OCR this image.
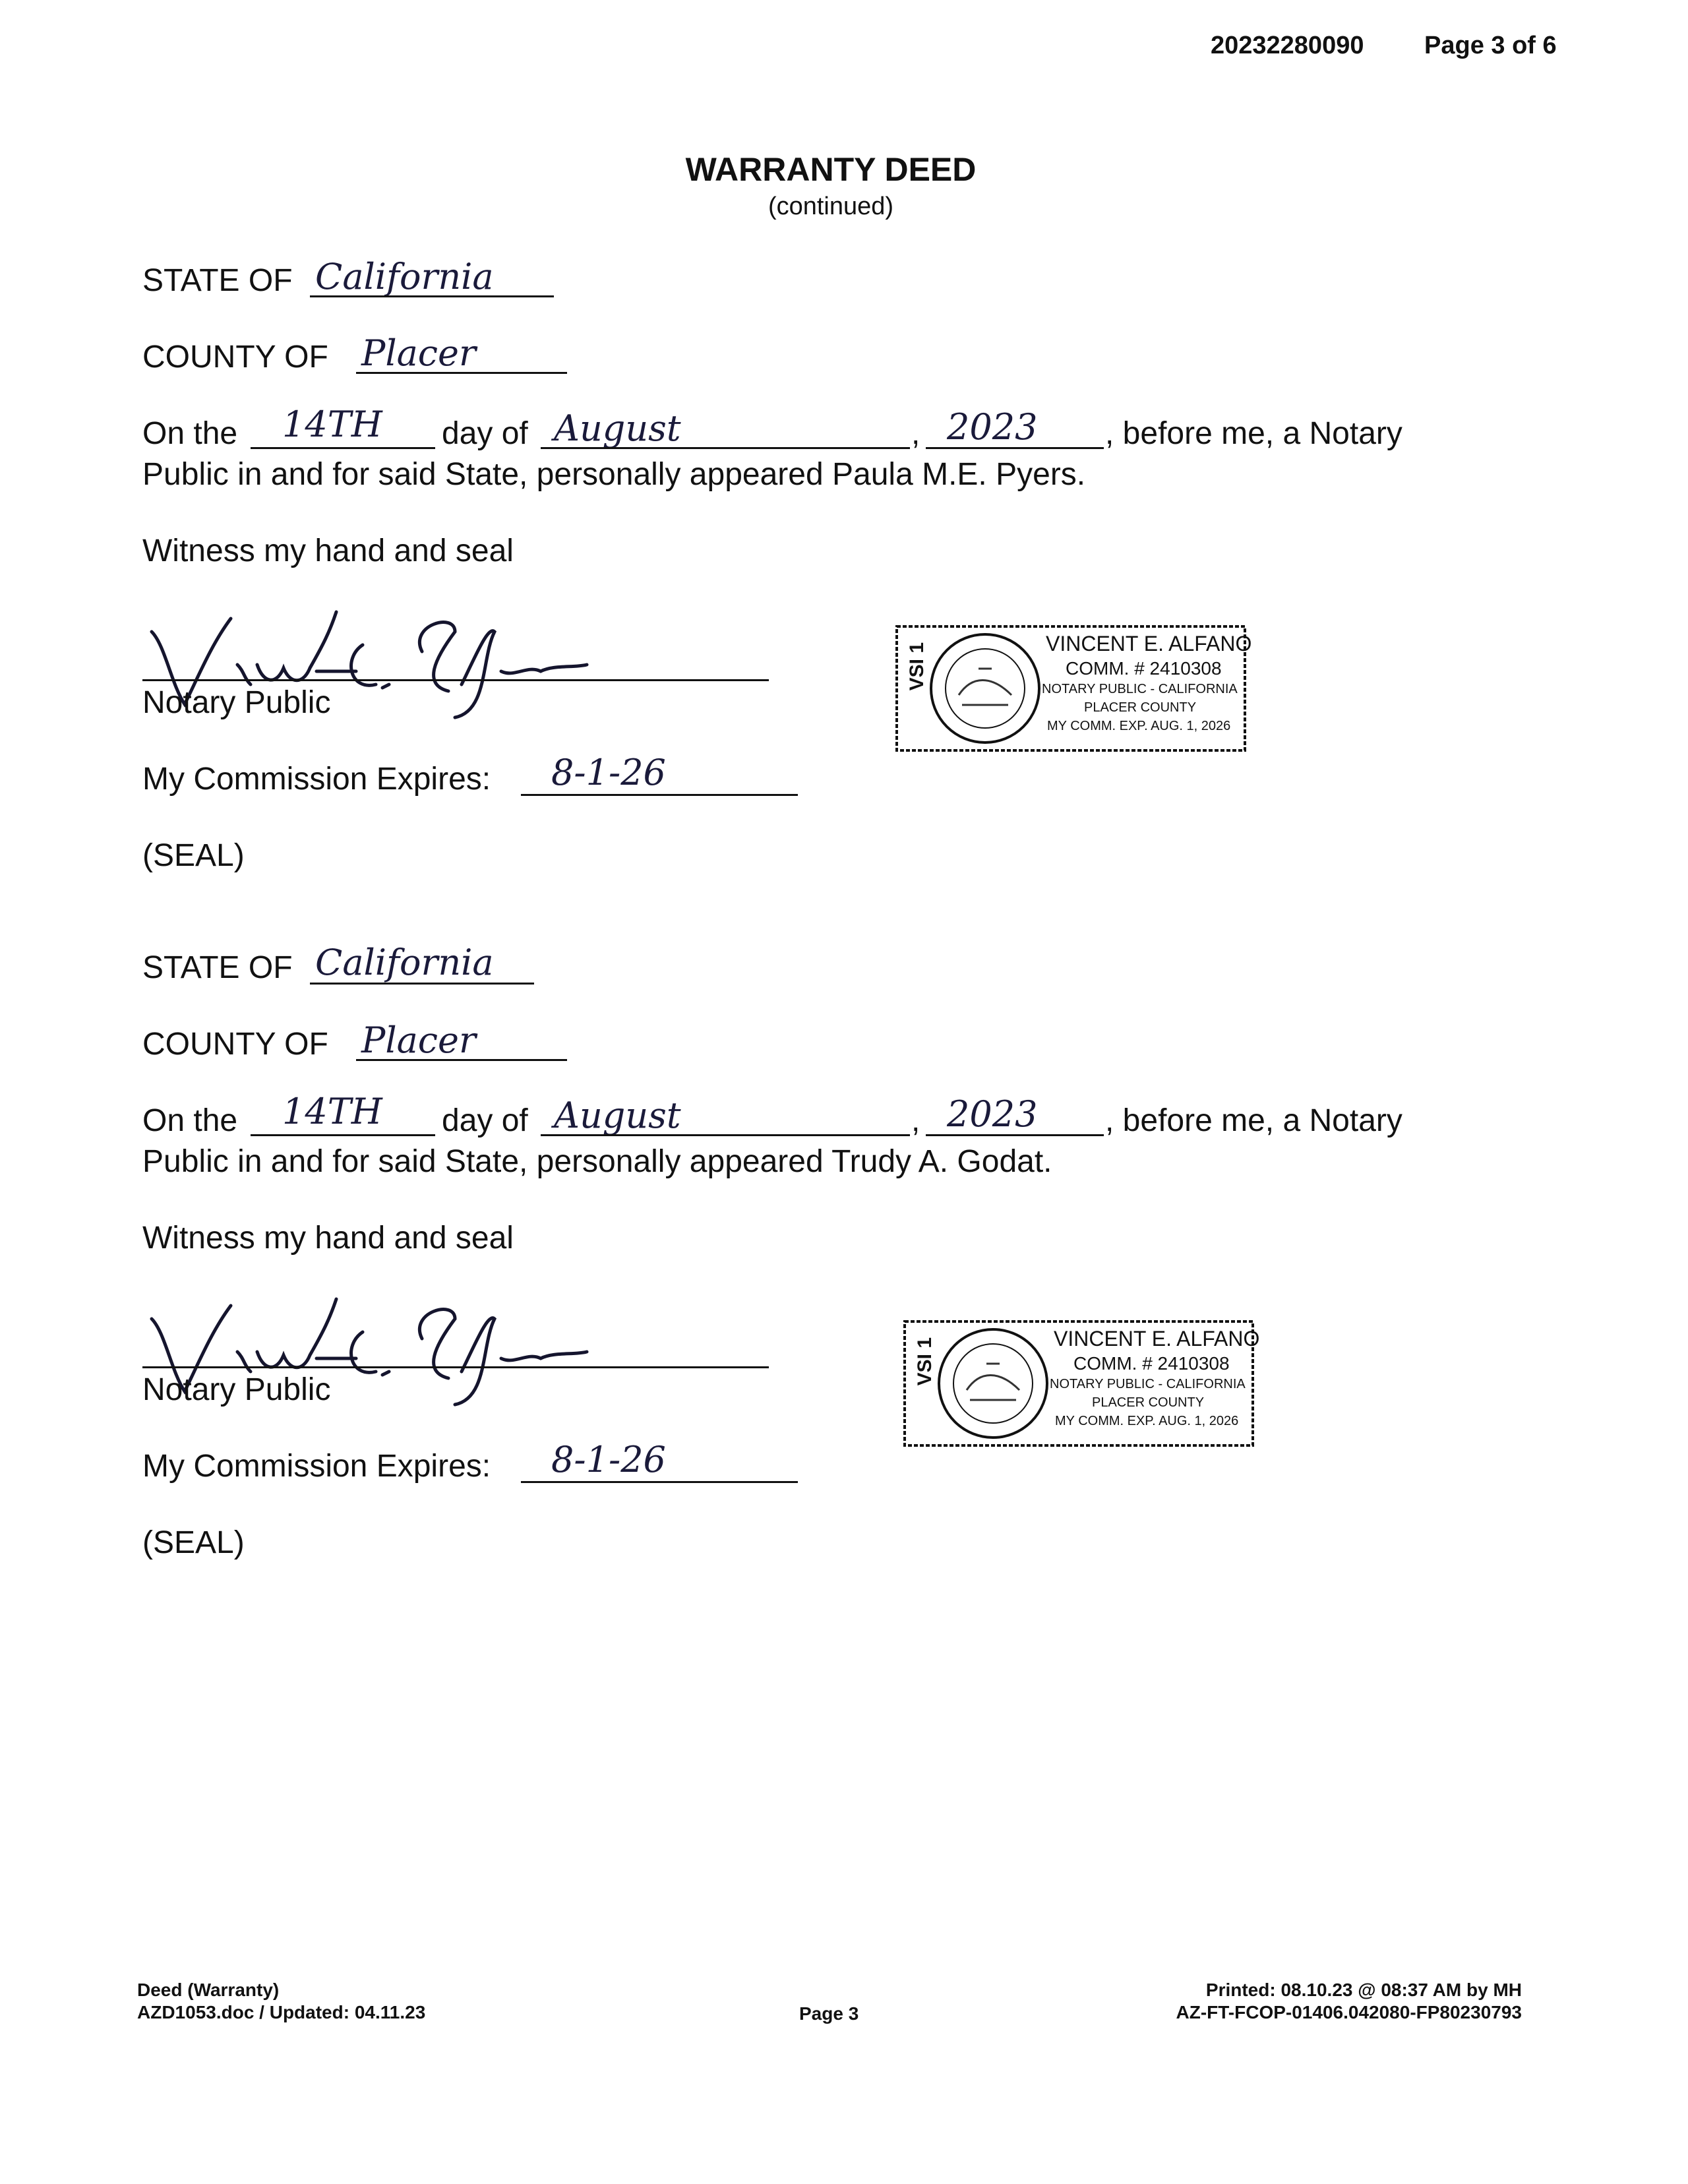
20232280090 Page 3 of 6
WARRANTY DEED
(continued)
STATE OF California
COUNTY OF Placer
On the 14TH day of August	, 2023 , before me, a Notary
Public in and for said State, personally appeared Paula M.E. Pyers.
Witness my hand and seal
Notary Public
My Commission Expires: 8-1-26
(SEAL)
VSI 1	VINCENT E. ALFANO
COMM. # 2410308
NOTARY PUBLIC - CALIFORNIA
PLACER COUNTY
MY COMM. EXP. AUG. 1, 2026
STATE OF California
COUNTY OF Placer
On the 14TH day of August	, 2023 , before me, a Notary
Public in and for said State, personally appeared Trudy A. Godat.
Witness my hand and seal
Notary Public
My Commission Expires: 8-1-26
(SEAL)
VSI 1	VINCENT E. ALFANO
COMM. # 2410308
NOTARY PUBLIC - CALIFORNIA
PLACER COUNTY
MY COMM. EXP. AUG. 1, 2026
Deed (Warranty)
AZD1053.doc / Updated: 04.11.23	Page 3
Printed: 08.10.23 @ 08:37 AM by MH
AZ-FT-FCOP-01406.042080-FP80230793
